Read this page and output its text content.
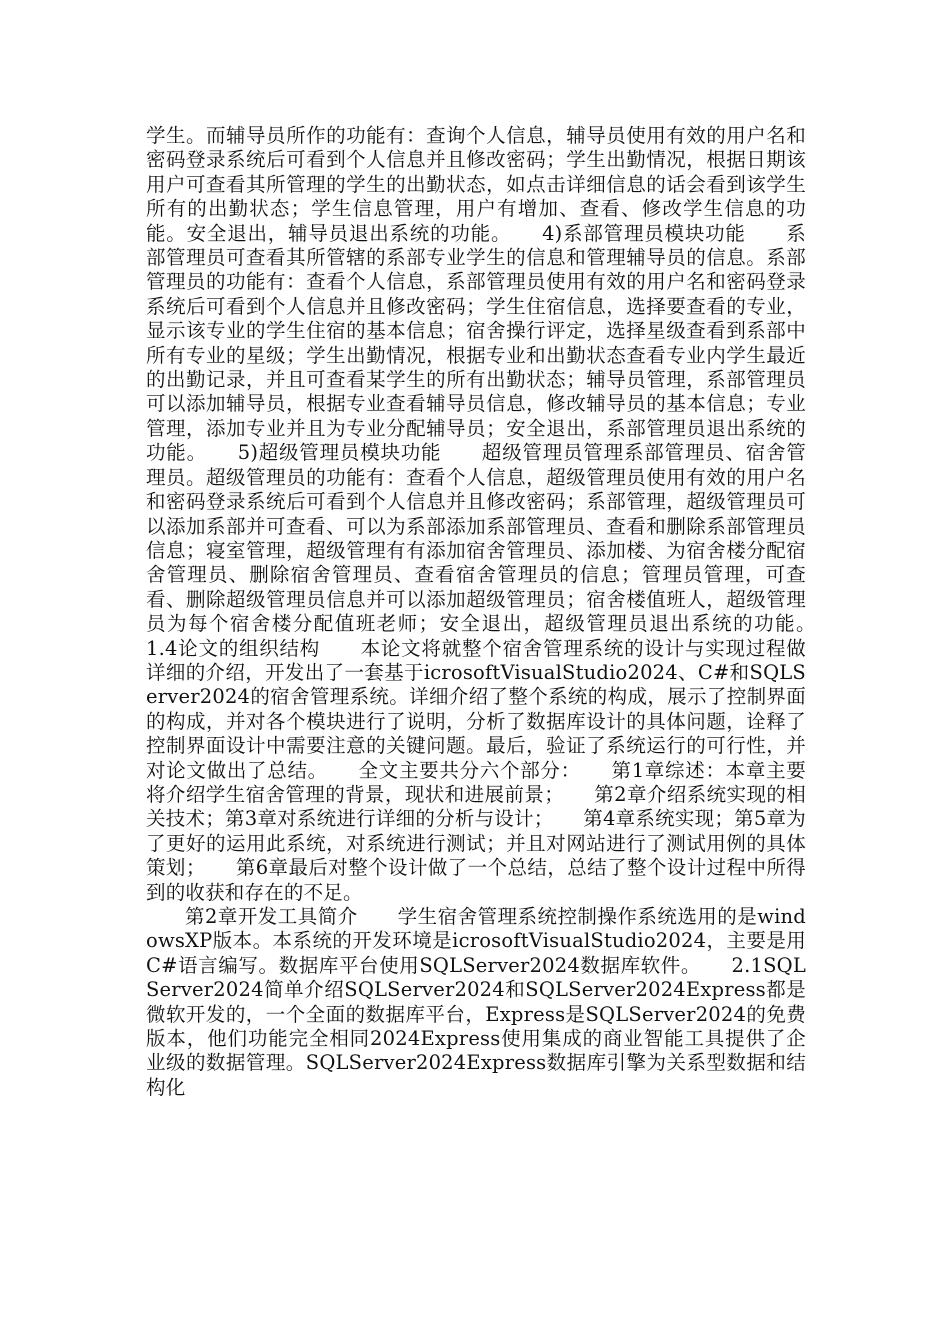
学生。而辅导员所作的功能有：查询个人信息，辅导员使用有效的用户名和密码登录系统后可看到个人信息并且修改密码；学生出勤情况，根据日期该用户可查看其所管理的学生的出勤状态，如点击详细信息的话会看到该学生所有的出勤状态；学生信息管理，用户有增加、查看、修改学生信息的功能。安全退出，辅导员退出系统的功能。　　4)系部管理员模块功能　　系部管理员可查看其所管辖的系部专业学生的信息和管理辅导员的信息。系部管理员的功能有：查看个人信息，系部管理员使用有效的用户名和密码登录系统后可看到个人信息并且修改密码；学生住宿信息，选择要查看的专业，显示该专业的学生住宿的基本信息；宿舍操行评定，选择星级查看到系部中所有专业的星级；学生出勤情况，根据专业和出勤状态查看专业内学生最近的出勤记录，并且可查看某学生的所有出勤状态；辅导员管理，系部管理员可以添加辅导员，根据专业查看辅导员信息，修改辅导员的基本信息；专业管理，添加专业并且为专业分配辅导员；安全退出，系部管理员退出系统的功能。　　5)超级管理员模块功能　　超级管理员管理系部管理员、宿舍管理员。超级管理员的功能有：查看个人信息，超级管理员使用有效的用户名和密码登录系统后可看到个人信息并且修改密码；系部管理，超级管理员可以添加系部并可查看、可以为系部添加系部管理员、查看和删除系部管理员信息；寝室管理，超级管理有有添加宿舍管理员、添加楼、为宿舍楼分配宿舍管理员、删除宿舍管理员、查看宿舍管理员的信息；管理员管理，可查看、删除超级管理员信息并可以添加超级管理员；宿舍楼值班人，超级管理员为每个宿舍楼分配值班老师；安全退出，超级管理员退出系统的功能。　　1.4论文的组织结构　　本论文将就整个宿舍管理系统的设计与实现过程做详细的介绍，开发出了一套基于icrosoftVisualStudio2024、C#和SQLServer2024的宿舍管理系统。详细介绍了整个系统的构成，展示了控制界面的构成，并对各个模块进行了说明，分析了数据库设计的具体问题，诠释了控制界面设计中需要注意的关键问题。最后，验证了系统运行的可行性，并对论文做出了总结。　　全文主要共分六个部分：　　第1章综述：本章主要将介绍学生宿舍管理的背景，现状和进展前景；　　第2章介绍系统实现的相关技术；第3章对系统进行详细的分析与设计；　　第4章系统实现；第5章为了更好的运用此系统，对系统进行测试；并且对网站进行了测试用例的具体策划；　　第6章最后对整个设计做了一个总结，总结了整个设计过程中所得到的收获和存在的不足。

第2章开发工具简介　　学生宿舍管理系统控制操作系统选用的是windowsXP版本。本系统的开发环境是icrosoftVisualStudio2024，主要是用C#语言编写。数据库平台使用SQLServer2024数据库软件。　　2.1SQLServer2024简单介绍SQLServer2024和SQLServer2024Express都是微软开发的，一个全面的数据库平台，Express是SQLServer2024的免费版本，他们功能完全相同2024Express使用集成的商业智能工具提供了企业级的数据管理。SQLServer2024Express数据库引擎为关系型数据和结构化
